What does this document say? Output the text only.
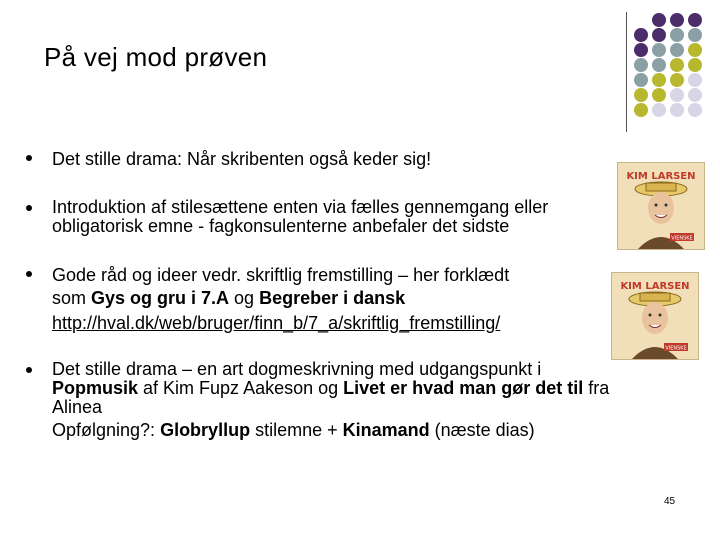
På vej mod prøven
Det stille drama: Når skribenten også keder sig!
Introduktion af stilesættene enten via fælles gennemgang eller
obligatorisk emne - fagkonsulenterne anbefaler det sidste
Gode råd og ideer vedr. skriftlig fremstilling – her forklædt
som Gys og gru i 7.A og Begreber i dansk
http://hval.dk/web/bruger/finn_b/7_a/skriftlig_fremstilling/
Det stille drama – en art dogmeskrivning med udgangspunkt i
Popmusik af Kim Fupz Aakeson og Livet er hvad man gør det til fra
Alinea
Opfølgning?: Globryllup stilemne + Kinamand (næste dias)
KIM LARSEN
VIENSKE
KIM LARSEN
VIENSKE
45
